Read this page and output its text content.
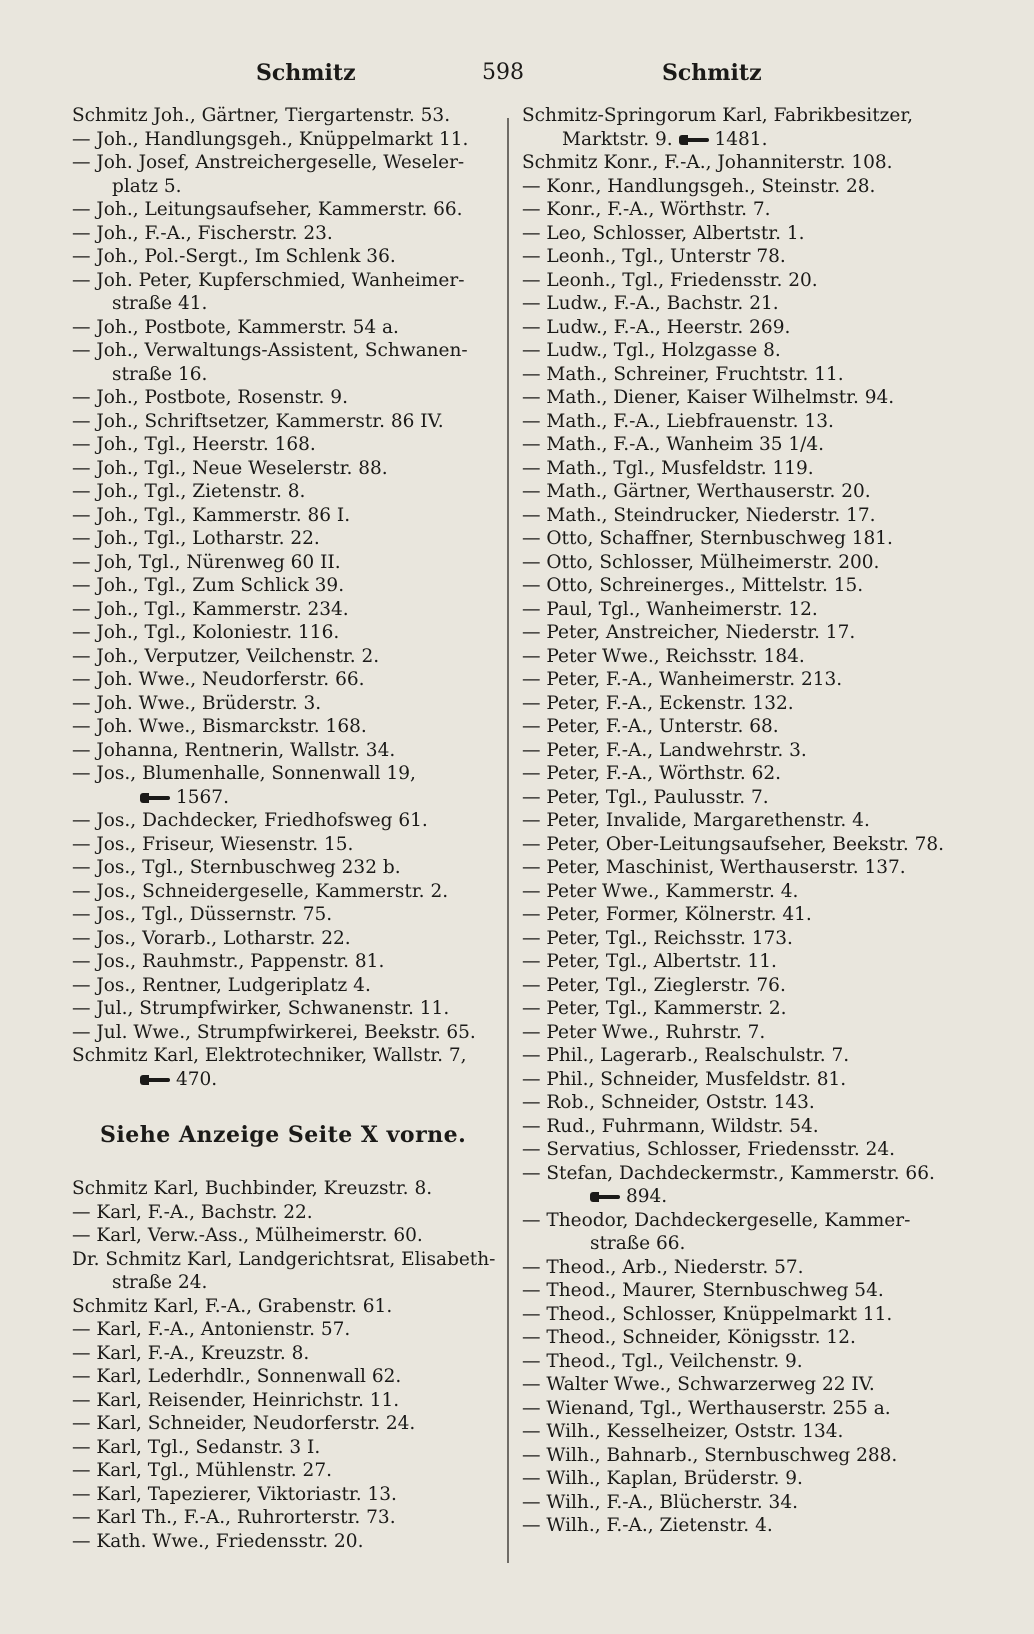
Schmitz	598	Schmitz
Schmitz Joh., Gärtner, Tiergartenstr. 53.
— Joh., Handlungsgeh., Knüppelmarkt 11.
— Joh. Josef, Anstreichergeselle, Weseler-
platz 5.
— Joh., Leitungsaufseher, Kammerstr. 66.
— Joh., F.-A., Fischerstr. 23.
— Joh., Pol.-Sergt., Im Schlenk 36.
— Joh. Peter, Kupferschmied, Wanheimer-
straße 41.
— Joh., Postbote, Kammerstr. 54 a.
— Joh., Verwaltungs-Assistent, Schwanen-
straße 16.
— Joh., Postbote, Rosenstr. 9.
— Joh., Schriftsetzer, Kammerstr. 86 IV.
— Joh., Tgl., Heerstr. 168.
— Joh., Tgl., Neue Weselerstr. 88.
— Joh., Tgl., Zietenstr. 8.
— Joh., Tgl., Kammerstr. 86 I.
— Joh., Tgl., Lotharstr. 22.
— Joh, Tgl., Nürenweg 60 II.
— Joh., Tgl., Zum Schlick 39.
— Joh., Tgl., Kammerstr. 234.
— Joh., Tgl., Koloniestr. 116.
— Joh., Verputzer, Veilchenstr. 2.
— Joh. Wwe., Neudorferstr. 66.
— Joh. Wwe., Brüderstr. 3.
— Joh. Wwe., Bismarckstr. 168.
— Johanna, Rentnerin, Wallstr. 34.
— Jos., Blumenhalle, Sonnenwall 19,
1567.
— Jos., Dachdecker, Friedhofsweg 61.
— Jos., Friseur, Wiesenstr. 15.
— Jos., Tgl., Sternbuschweg 232 b.
— Jos., Schneidergeselle, Kammerstr. 2.
— Jos., Tgl., Düssernstr. 75.
— Jos., Vorarb., Lotharstr. 22.
— Jos., Rauhmstr., Pappenstr. 81.
— Jos., Rentner, Ludgeriplatz 4.
— Jul., Strumpfwirker, Schwanenstr. 11.
— Jul. Wwe., Strumpfwirkerei, Beekstr. 65.
Schmitz Karl, Elektrotechniker, Wallstr. 7,
470.
Siehe Anzeige Seite X vorne.
Schmitz Karl, Buchbinder, Kreuzstr. 8.
— Karl, F.-A., Bachstr. 22.
— Karl, Verw.-Ass., Mülheimerstr. 60.
Dr. Schmitz Karl, Landgerichtsrat, Elisabeth-
straße 24.
Schmitz Karl, F.-A., Grabenstr. 61.
— Karl, F.-A., Antonienstr. 57.
— Karl, F.-A., Kreuzstr. 8.
— Karl, Lederhdlr., Sonnenwall 62.
— Karl, Reisender, Heinrichstr. 11.
— Karl, Schneider, Neudorferstr. 24.
— Karl, Tgl., Sedanstr. 3 I.
— Karl, Tgl., Mühlenstr. 27.
— Karl, Tapezierer, Viktoriastr. 13.
— Karl Th., F.-A., Ruhrorterstr. 73.
— Kath. Wwe., Friedensstr. 20.
Schmitz-Springorum Karl, Fabrikbesitzer,
Marktstr. 9. 1481.
Schmitz Konr., F.-A., Johanniterstr. 108.
— Konr., Handlungsgeh., Steinstr. 28.
— Konr., F.-A., Wörthstr. 7.
— Leo, Schlosser, Albertstr. 1.
— Leonh., Tgl., Unterstr 78.
— Leonh., Tgl., Friedensstr. 20.
— Ludw., F.-A., Bachstr. 21.
— Ludw., F.-A., Heerstr. 269.
— Ludw., Tgl., Holzgasse 8.
— Math., Schreiner, Fruchtstr. 11.
— Math., Diener, Kaiser Wilhelmstr. 94.
— Math., F.-A., Liebfrauenstr. 13.
— Math., F.-A., Wanheim 35 1/4.
— Math., Tgl., Musfeldstr. 119.
— Math., Gärtner, Werthauserstr. 20.
— Math., Steindrucker, Niederstr. 17.
— Otto, Schaffner, Sternbuschweg 181.
— Otto, Schlosser, Mülheimerstr. 200.
— Otto, Schreinerges., Mittelstr. 15.
— Paul, Tgl., Wanheimerstr. 12.
— Peter, Anstreicher, Niederstr. 17.
— Peter Wwe., Reichsstr. 184.
— Peter, F.-A., Wanheimerstr. 213.
— Peter, F.-A., Eckenstr. 132.
— Peter, F.-A., Unterstr. 68.
— Peter, F.-A., Landwehrstr. 3.
— Peter, F.-A., Wörthstr. 62.
— Peter, Tgl., Paulusstr. 7.
— Peter, Invalide, Margarethenstr. 4.
— Peter, Ober-Leitungsaufseher, Beekstr. 78.
— Peter, Maschinist, Werthauserstr. 137.
— Peter Wwe., Kammerstr. 4.
— Peter, Former, Kölnerstr. 41.
— Peter, Tgl., Reichsstr. 173.
— Peter, Tgl., Albertstr. 11.
— Peter, Tgl., Zieglerstr. 76.
— Peter, Tgl., Kammerstr. 2.
— Peter Wwe., Ruhrstr. 7.
— Phil., Lagerarb., Realschulstr. 7.
— Phil., Schneider, Musfeldstr. 81.
— Rob., Schneider, Oststr. 143.
— Rud., Fuhrmann, Wildstr. 54.
— Servatius, Schlosser, Friedensstr. 24.
— Stefan, Dachdeckermstr., Kammerstr. 66.
894.
— Theodor, Dachdeckergeselle, Kammer-
straße 66.
— Theod., Arb., Niederstr. 57.
— Theod., Maurer, Sternbuschweg 54.
— Theod., Schlosser, Knüppelmarkt 11.
— Theod., Schneider, Königsstr. 12.
— Theod., Tgl., Veilchenstr. 9.
— Walter Wwe., Schwarzerweg 22 IV.
— Wienand, Tgl., Werthauserstr. 255 a.
— Wilh., Kesselheizer, Oststr. 134.
— Wilh., Bahnarb., Sternbuschweg 288.
— Wilh., Kaplan, Brüderstr. 9.
— Wilh., F.-A., Blücherstr. 34.
— Wilh., F.-A., Zietenstr. 4.
